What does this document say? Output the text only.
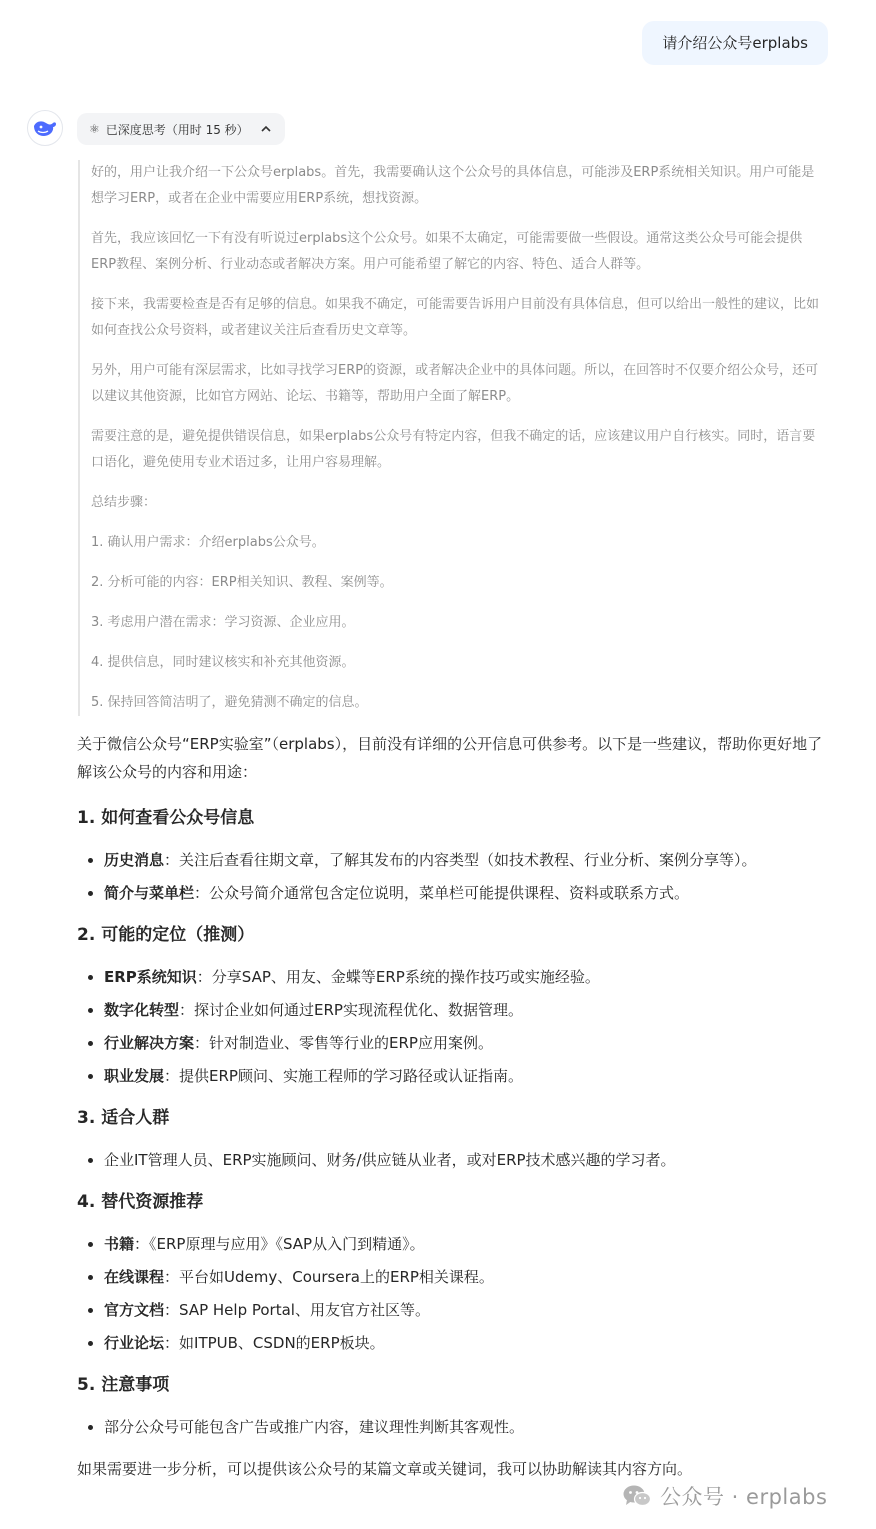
请介绍公众号erplabs
⚛ 已深度思考（用时 15 秒）

好的，用户让我介绍一下公众号erplabs。首先，我需要确认这个公众号的具体信息，可能涉及ERP系统相关知识。用户可能是想学习ERP，或者在企业中需要应用ERP系统，想找资源。

首先，我应该回忆一下有没有听说过erplabs这个公众号。如果不太确定，可能需要做一些假设。通常这类公众号可能会提供ERP教程、案例分析、行业动态或者解决方案。用户可能希望了解它的内容、特色、适合人群等。

接下来，我需要检查是否有足够的信息。如果我不确定，可能需要告诉用户目前没有具体信息，但可以给出一般性的建议，比如如何查找公众号资料，或者建议关注后查看历史文章等。

另外，用户可能有深层需求，比如寻找学习ERP的资源，或者解决企业中的具体问题。所以，在回答时不仅要介绍公众号，还可以建议其他资源，比如官方网站、论坛、书籍等，帮助用户全面了解ERP。

需要注意的是，避免提供错误信息，如果erplabs公众号有特定内容，但我不确定的话，应该建议用户自行核实。同时，语言要口语化，避免使用专业术语过多，让用户容易理解。

总结步骤：

1. 确认用户需求：介绍erplabs公众号。

2. 分析可能的内容：ERP相关知识、教程、案例等。

3. 考虑用户潜在需求：学习资源、企业应用。

4. 提供信息，同时建议核实和补充其他资源。

5. 保持回答简洁明了，避免猜测不确定的信息。

关于微信公众号“ERP实验室”（erplabs），目前没有详细的公开信息可供参考。以下是一些建议，帮助你更好地了解该公众号的内容和用途：

1. 如何查看公众号信息
历史消息：关注后查看往期文章，了解其发布的内容类型（如技术教程、行业分析、案例分享等）。
简介与菜单栏：公众号简介通常包含定位说明，菜单栏可能提供课程、资料或联系方式。
2. 可能的定位（推测）
ERP系统知识：分享SAP、用友、金蝶等ERP系统的操作技巧或实施经验。
数字化转型：探讨企业如何通过ERP实现流程优化、数据管理。
行业解决方案：针对制造业、零售等行业的ERP应用案例。
职业发展：提供ERP顾问、实施工程师的学习路径或认证指南。
3. 适合人群
企业IT管理人员、ERP实施顾问、财务/供应链从业者，或对ERP技术感兴趣的学习者。
4. 替代资源推荐
书籍：《ERP原理与应用》《SAP从入门到精通》。
在线课程：平台如Udemy、Coursera上的ERP相关课程。
官方文档：SAP Help Portal、用友官方社区等。
行业论坛：如ITPUB、CSDN的ERP板块。
5. 注意事项
部分公众号可能包含广告或推广内容，建议理性判断其客观性。

如果需要进一步分析，可以提供该公众号的某篇文章或关键词，我可以协助解读其内容方向。

公众号 · erplabs
